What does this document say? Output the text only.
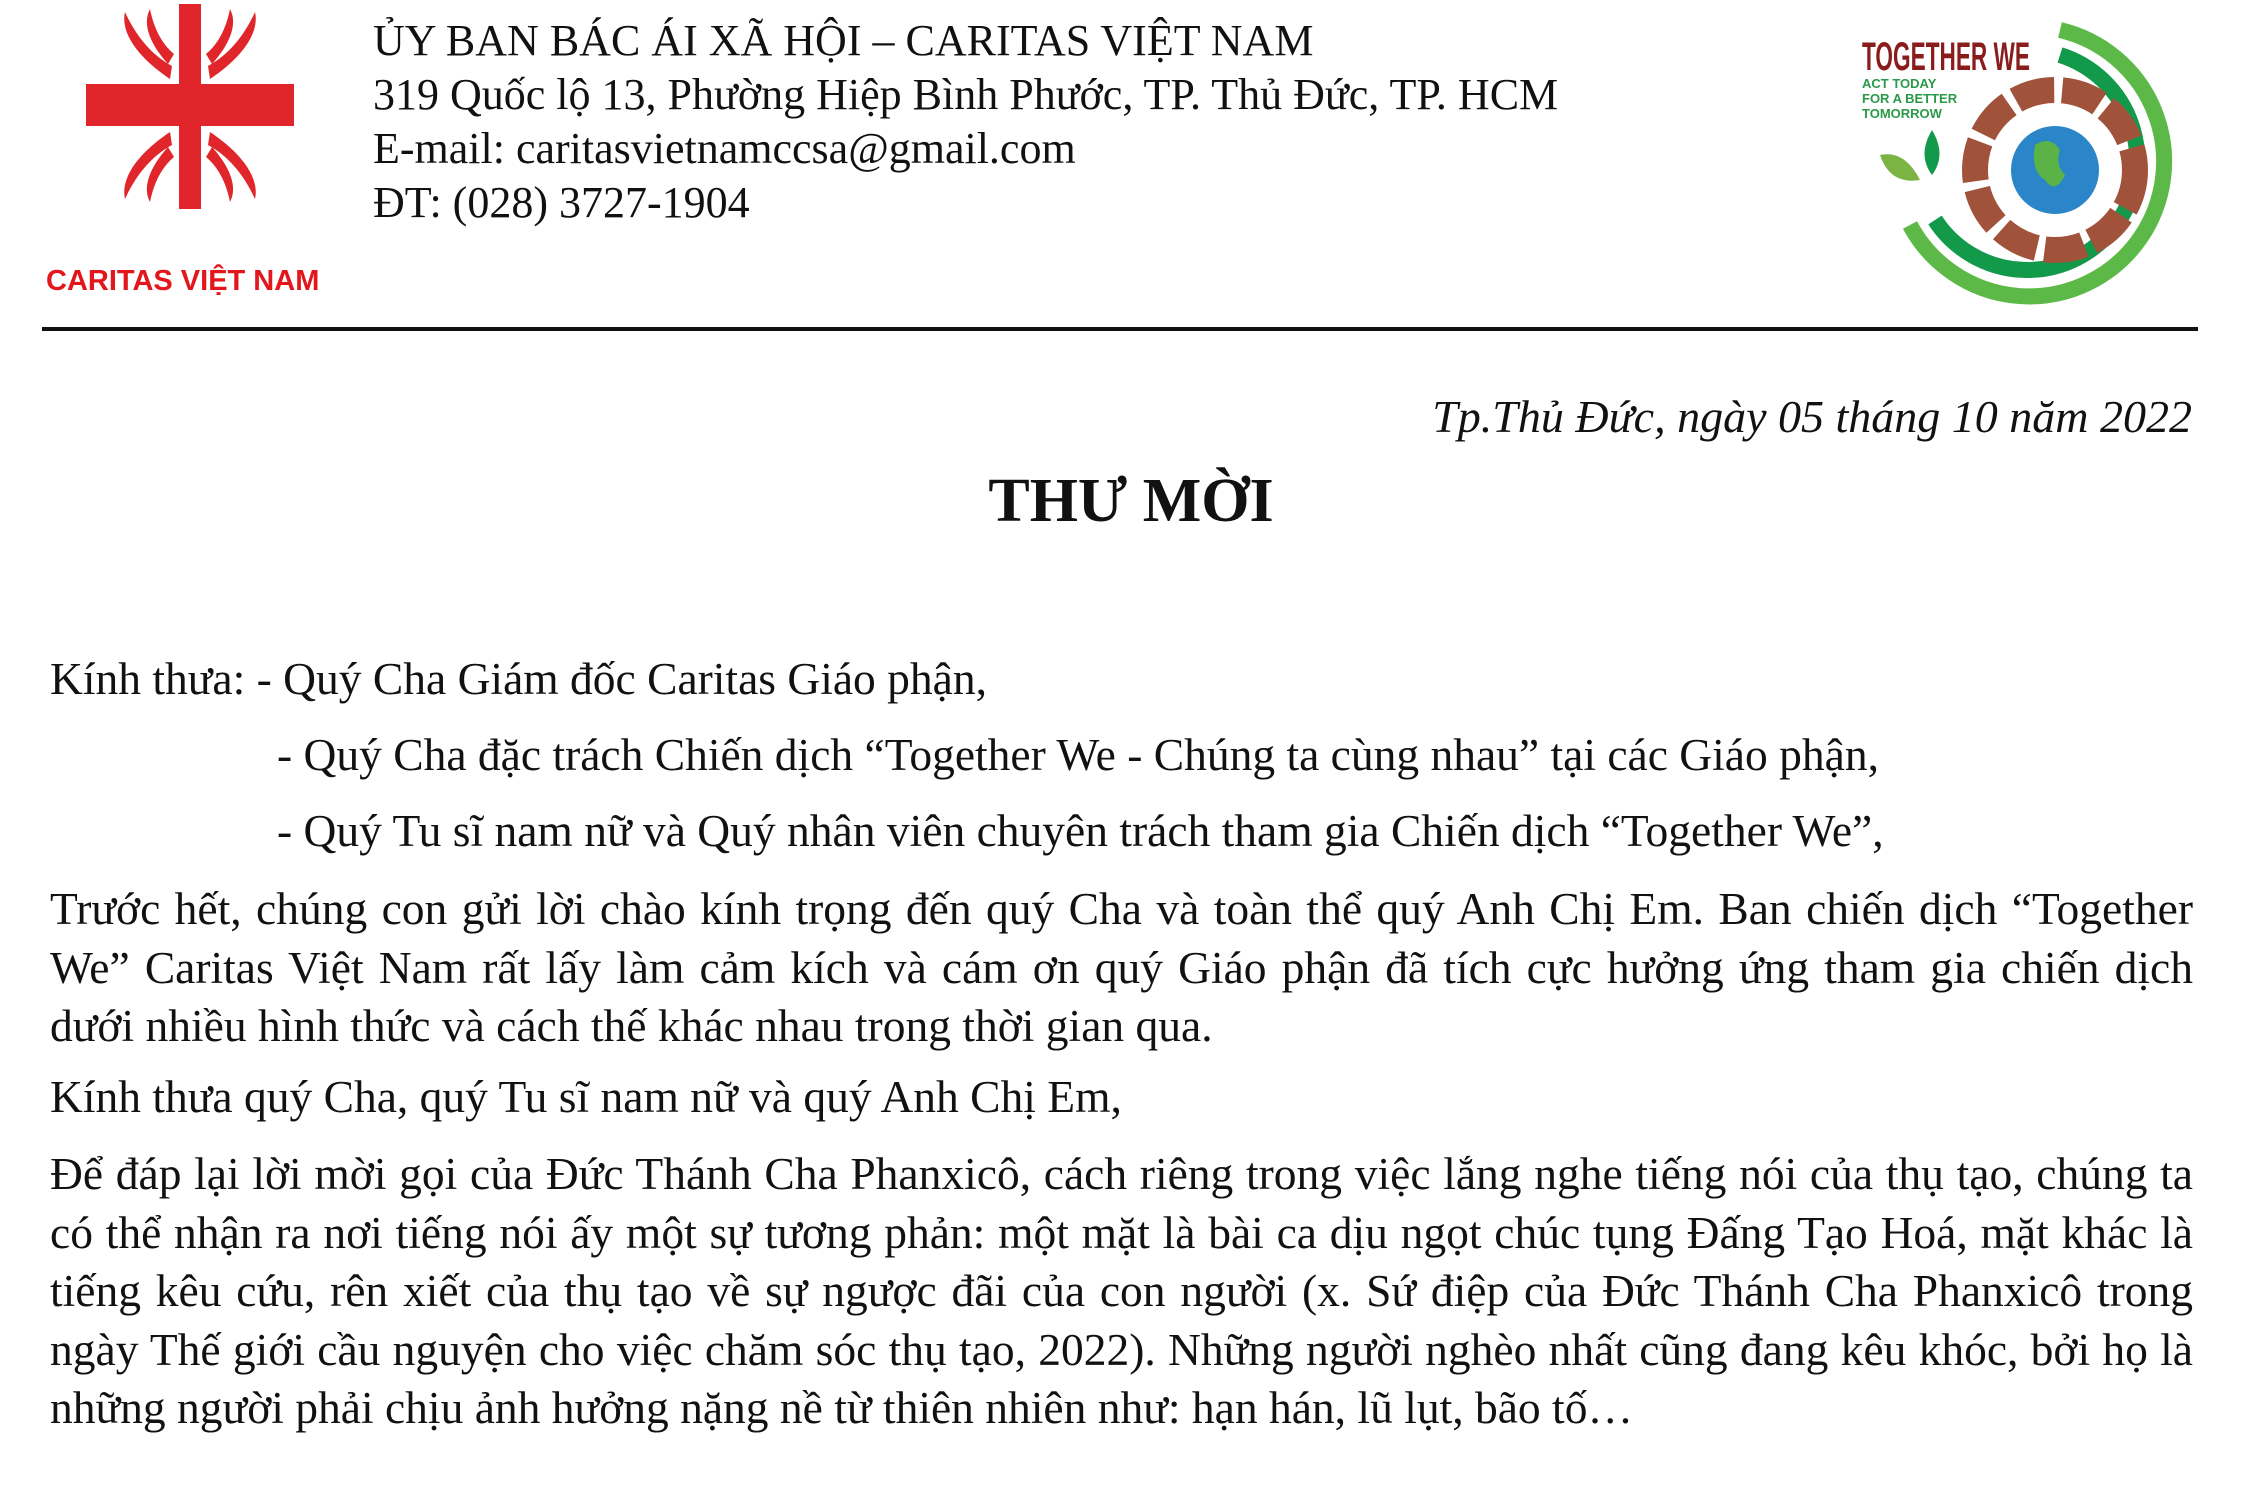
CARITAS VIỆT NAM
ỦY BAN BÁC ÁI XÃ HỘI – CARITAS VIỆT NAM
319 Quốc lộ 13, Phường Hiệp Bình Phước, TP. Thủ Đức, TP. HCM
E-mail: caritasvietnamccsa@gmail.com
ĐT: (028) 3727-1904
TOGETHER WE
ACT TODAY
FOR A BETTER
TOMORROW
Tp.Thủ Đức, ngày 05 tháng 10 năm 2022
THƯ MỜI
Kính thưa: - Quý Cha Giám đốc Caritas Giáo phận,
- Quý Cha đặc trách Chiến dịch “Together We - Chúng ta cùng nhau” tại các Giáo phận,
- Quý Tu sĩ nam nữ và Quý nhân viên chuyên trách tham gia Chiến dịch “Together We”,
Trước hết, chúng con gửi lời chào kính trọng đến quý Cha và toàn thể quý Anh Chị Em. Ban chiến dịch “Together We” Caritas Việt Nam rất lấy làm cảm kích và cám ơn quý Giáo phận đã tích cực hưởng ứng tham gia chiến dịch dưới nhiều hình thức và cách thế khác nhau trong thời gian qua.
Kính thưa quý Cha, quý Tu sĩ nam nữ và quý Anh Chị Em,
Để đáp lại lời mời gọi của Đức Thánh Cha Phanxicô, cách riêng trong việc lắng nghe tiếng nói của thụ tạo, chúng ta có thể nhận ra nơi tiếng nói ấy một sự tương phản: một mặt là bài ca dịu ngọt chúc tụng Đấng Tạo Hoá, mặt khác là tiếng kêu cứu, rên xiết của thụ tạo về sự ngược đãi của con người (x. Sứ điệp của Đức Thánh Cha Phanxicô trong ngày Thế giới cầu nguyện cho việc chăm sóc thụ tạo, 2022). Những người nghèo nhất cũng đang kêu khóc, bởi họ là những người phải chịu ảnh hưởng nặng nề từ thiên nhiên như: hạn hán, lũ lụt, bão tố…
